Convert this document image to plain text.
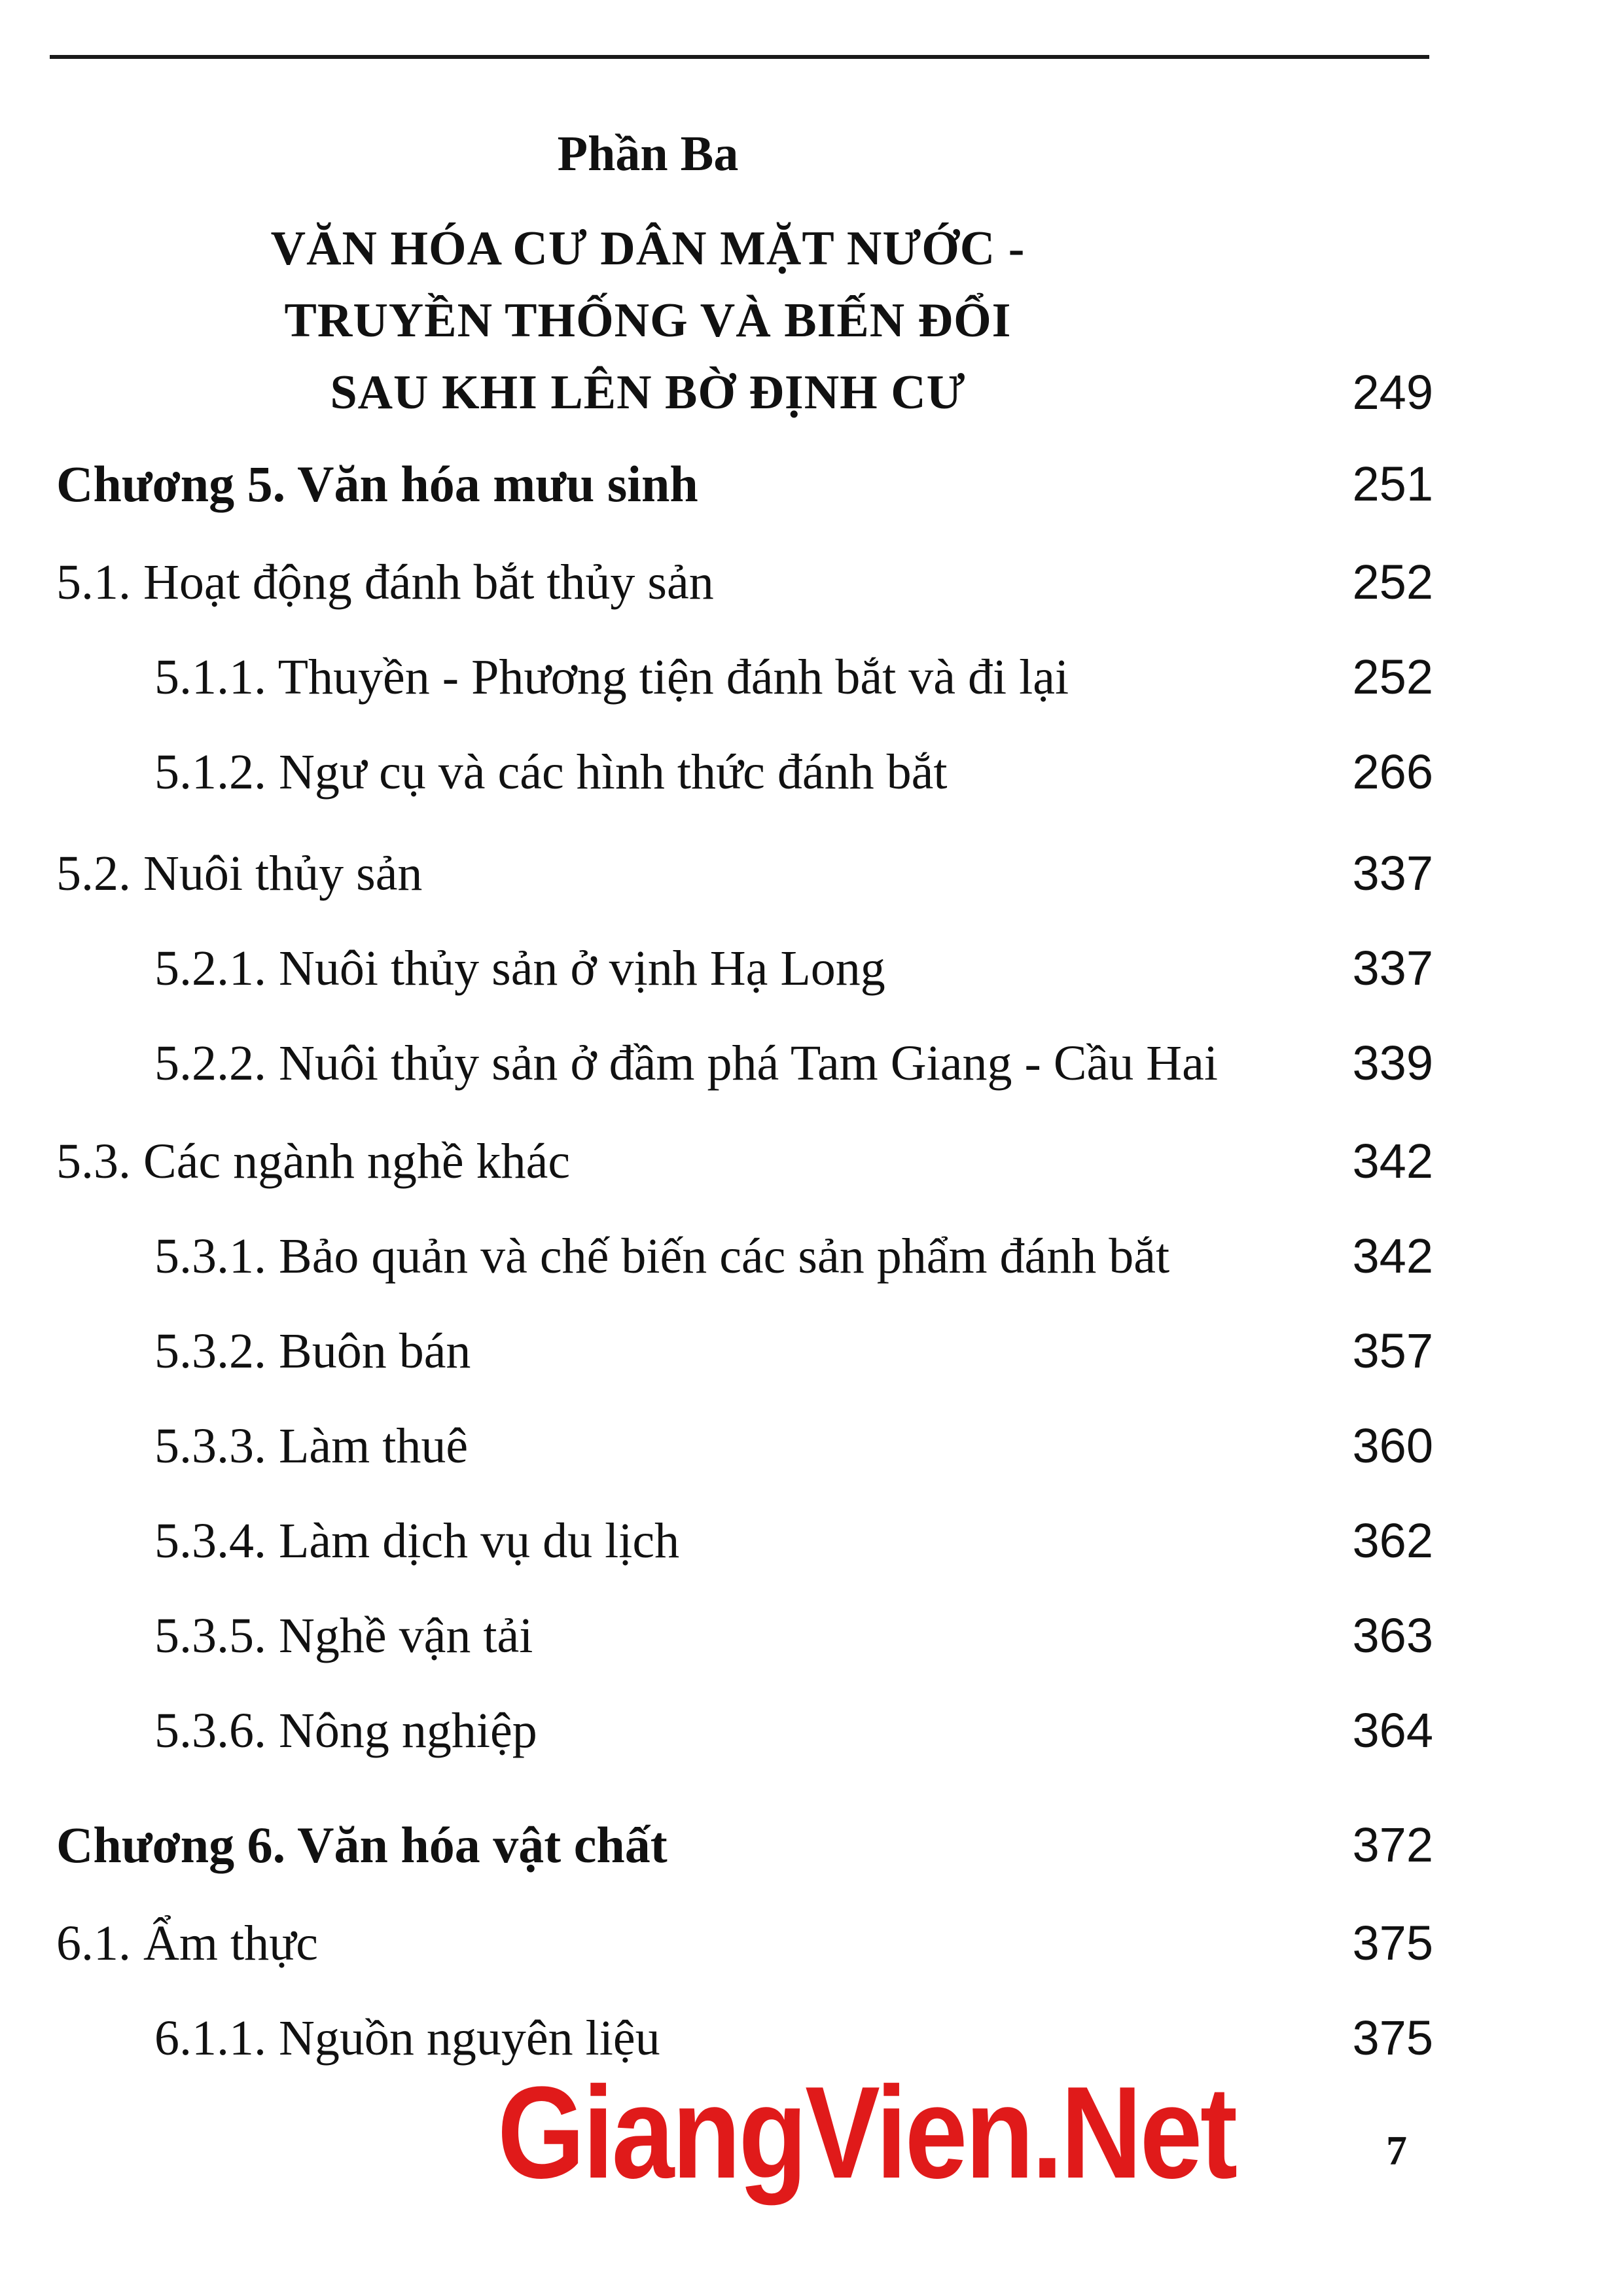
Phần Ba
VĂN HÓA CƯ DÂN MẶT NƯỚC -
TRUYỀN THỐNG VÀ BIẾN ĐỔI
SAU KHI LÊN BỜ ĐỊNH CƯ	249
Chương 5. Văn hóa mưu sinh	251
5.1. Hoạt động đánh bắt thủy sản	252
5.1.1. Thuyền - Phương tiện đánh bắt và đi lại	252
5.1.2. Ngư cụ và các hình thức đánh bắt	266
5.2. Nuôi thủy sản	337
5.2.1. Nuôi thủy sản ở vịnh Hạ Long	337
5.2.2. Nuôi thủy sản ở đầm phá Tam Giang - Cầu Hai	339
5.3. Các ngành nghề khác	342
5.3.1. Bảo quản và chế biến các sản phẩm đánh bắt	342
5.3.2. Buôn bán	357
5.3.3. Làm thuê	360
5.3.4. Làm dịch vụ du lịch	362
5.3.5. Nghề vận tải	363
5.3.6. Nông nghiệp	364
Chương 6. Văn hóa vật chất	372
6.1. Ẩm thực	375
6.1.1. Nguồn nguyên liệu	375
GiangVien.Net	7
